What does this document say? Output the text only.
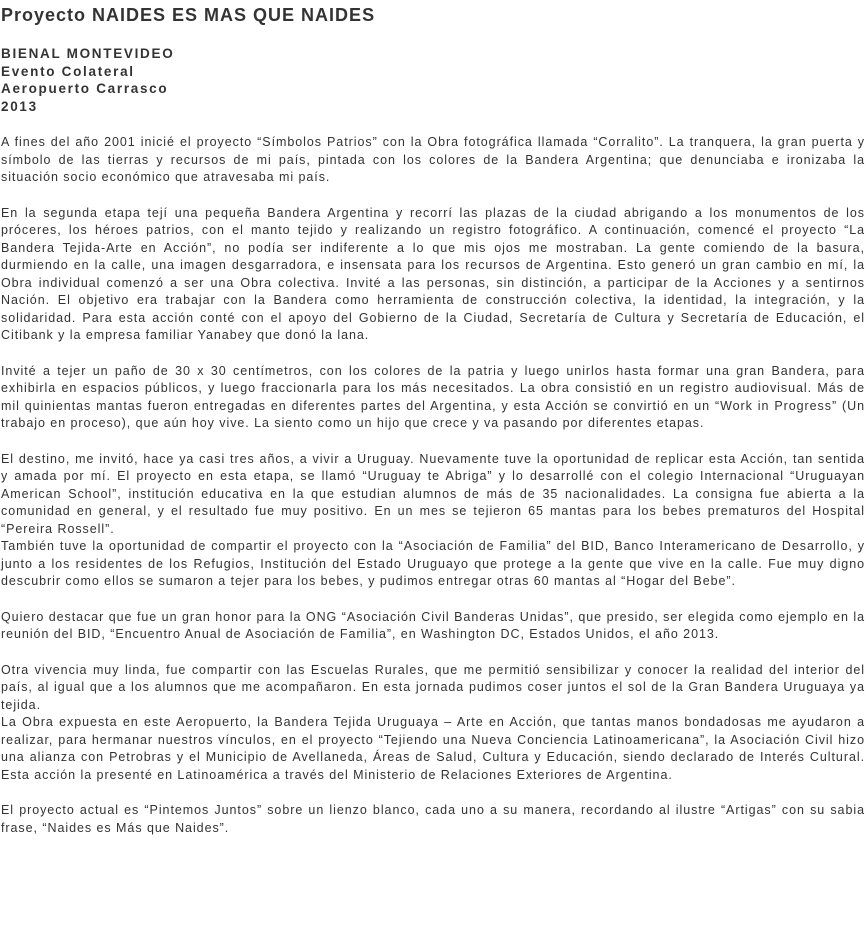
Proyecto NAIDES ES MAS QUE NAIDES
BIENAL MONTEVIDEO
Evento Colateral
Aeropuerto Carrasco
2013

A fines del año 2001 inicié el proyecto “Símbolos Patrios” con la Obra fotográfica llamada “Corralito”. La tranquera, la gran puerta y símbolo de las tierras y recursos de mi país, pintada con los colores de la Bandera Argentina; que denunciaba e ironizaba la situación socio económico que atravesaba mi país.

En la segunda etapa tejí una pequeña Bandera Argentina y recorrí las plazas de la ciudad abrigando a los monumentos de los próceres, los héroes patrios, con el manto tejido y realizando un registro fotográfico. A continuación, comencé el proyecto “La Bandera Tejida-Arte en Acción”, no podía ser indiferente a lo que mis ojos me mostraban. La gente comiendo de la basura, durmiendo en la calle, una imagen desgarradora, e insensata para los recursos de Argentina. Esto generó un gran cambio en mí, la Obra individual comenzó a ser una Obra colectiva. Invité a las personas, sin distinción, a participar de la Acciones y a sentirnos Nación. El objetivo era trabajar con la Bandera como herramienta de construcción colectiva, la identidad, la integración, y la solidaridad. Para esta acción conté con el apoyo del Gobierno de la Ciudad, Secretaría de Cultura y Secretaría de Educación, el Citibank y la empresa familiar Yanabey que donó la lana.

Invité a tejer un paño de 30 x 30 centímetros, con los colores de la patria y luego unirlos hasta formar una gran Bandera, para exhibirla en espacios públicos, y luego fraccionarla para los más necesitados. La obra consistió en un registro audiovisual. Más de mil quinientas mantas fueron entregadas en diferentes partes del Argentina, y esta Acción se convirtió en un “Work in Progress” (Un trabajo en proceso), que aún hoy vive. La siento como un hijo que crece y va pasando por diferentes etapas.

El destino, me invitó, hace ya casi tres años, a vivir a Uruguay. Nuevamente tuve la oportunidad de replicar esta Acción, tan sentida y amada por mí. El proyecto en esta etapa, se llamó “Uruguay te Abriga” y lo desarrollé con el colegio Internacional “Uruguayan American School”, institución educativa en la que estudian alumnos de más de 35 nacionalidades. La consigna fue abierta a la comunidad en general, y el resultado fue muy positivo. En un mes se tejieron 65 mantas para los bebes prematuros del Hospital “Pereira Rossell”.

También tuve la oportunidad de compartir el proyecto con la “Asociación de Familia” del BID, Banco Interamericano de Desarrollo, y junto a los residentes de los Refugios, Institución del Estado Uruguayo que protege a la gente que vive en la calle. Fue muy digno descubrir como ellos se sumaron a tejer para los bebes, y pudimos entregar otras 60 mantas al “Hogar del Bebe”.

Quiero destacar que fue un gran honor para la ONG “Asociación Civil Banderas Unidas”, que presido, ser elegida como ejemplo en la reunión del BID, “Encuentro Anual de Asociación de Familia”, en Washington DC, Estados Unidos, el año 2013.

Otra vivencia muy linda, fue compartir con las Escuelas Rurales, que me permitió sensibilizar y conocer la realidad del interior del país, al igual que a los alumnos que me acompañaron. En esta jornada pudimos coser juntos el sol de la Gran Bandera Uruguaya ya tejida.

La Obra expuesta en este Aeropuerto, la Bandera Tejida Uruguaya – Arte en Acción, que tantas manos bondadosas me ayudaron a realizar, para hermanar nuestros vínculos, en el proyecto “Tejiendo una Nueva Conciencia Latinoamericana”, la Asociación Civil hizo una alianza con Petrobras y el Municipio de Avellaneda, Áreas de Salud, Cultura y Educación, siendo declarado de Interés Cultural. Esta acción la presenté en Latinoamérica a través del Ministerio de Relaciones Exteriores de Argentina.

El proyecto actual es “Pintemos Juntos” sobre un lienzo blanco, cada uno a su manera, recordando al ilustre “Artigas” con su sabia frase, “Naides es Más que Naides”.
